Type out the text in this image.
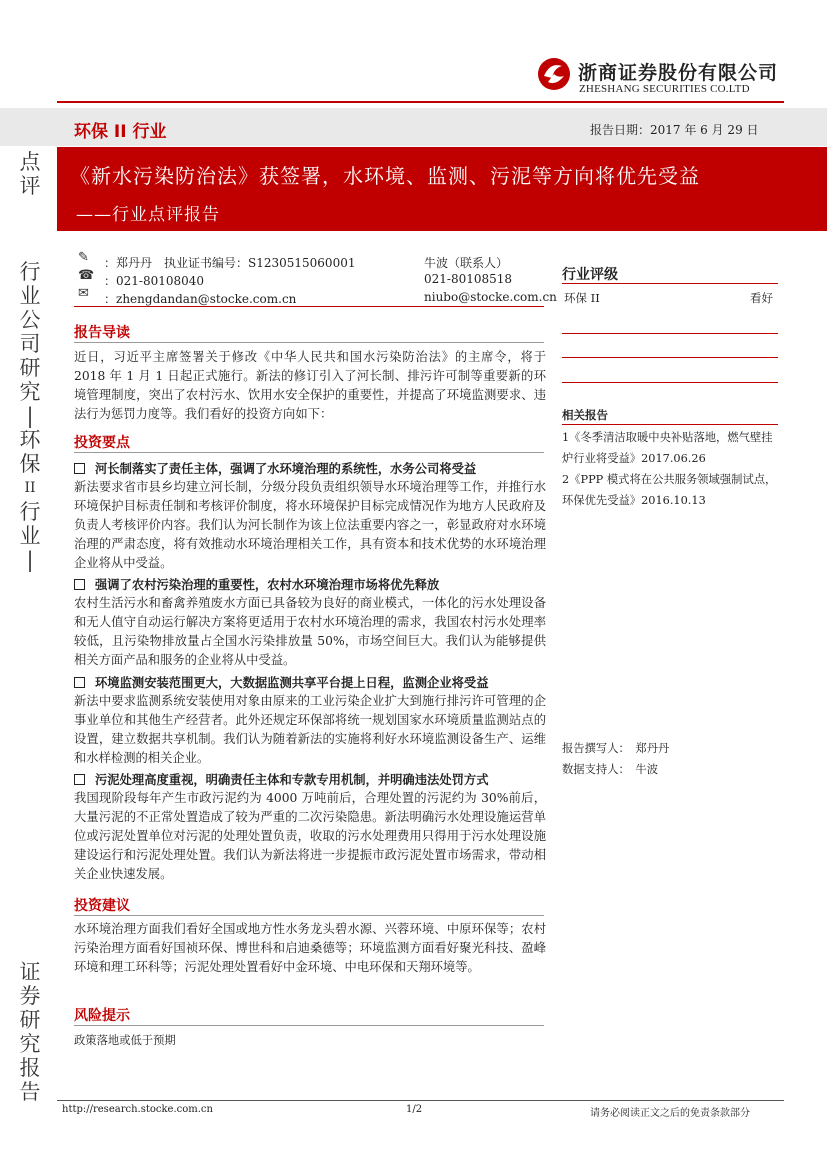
浙商证券股份有限公司
ZHESHANG SECURITIES CO.LTD
环保 II 行业	报告日期：2017 年 6 月 29 日
《新水污染防治法》获签署，水环境、监测、污泥等方向将优先受益
——行业点评报告
点
评
行
业
公
司
研
究
|
环
保
II
行
业
|
证
券
研
究
报
告
✎
☎
✉
：郑丹丹　执业证书编号：S1230515060001	牛波（联系人）
：021-80108040	021-80108518
：zhengdandan@stocke.com.cn	niubo@stocke.com.cn
报告导读
近日，习近平主席签署关于修改《中华人民共和国水污染防治法》的主席令，将于 2018 年 1 月 1 日起正式施行。新法的修订引入了河长制、排污许可制等重要新的环境管理制度，突出了农村污水、饮用水安全保护的重要性，并提高了环境监测要求、违法行为惩罚力度等。我们看好的投资方向如下：
投资要点
河长制落实了责任主体，强调了水环境治理的系统性，水务公司将受益
新法要求省市县乡均建立河长制，分级分段负责组织领导水环境治理等工作，并推行水环境保护目标责任制和考核评价制度，将水环境保护目标完成情况作为地方人民政府及负责人考核评价内容。我们认为河长制作为该上位法重要内容之一，彰显政府对水环境治理的严肃态度，将有效推动水环境治理相关工作，具有资本和技术优势的水环境治理企业将从中受益。
强调了农村污染治理的重要性，农村水环境治理市场将优先释放
农村生活污水和畜禽养殖废水方面已具备较为良好的商业模式，一体化的污水处理设备和无人值守自动运行解决方案将更适用于农村水环境治理的需求，我国农村污水处理率较低，且污染物排放量占全国水污染排放量 50%，市场空间巨大。我们认为能够提供相关方面产品和服务的企业将从中受益。
环境监测安装范围更大，大数据监测共享平台提上日程，监测企业将受益
新法中要求监测系统安装使用对象由原来的工业污染企业扩大到施行排污许可管理的企事业单位和其他生产经营者。此外还规定环保部将统一规划国家水环境质量监测站点的设置，建立数据共享机制。我们认为随着新法的实施将利好水环境监测设备生产、运维和水样检测的相关企业。
污泥处理高度重视，明确责任主体和专款专用机制，并明确违法处罚方式
我国现阶段每年产生市政污泥约为 4000 万吨前后，合理处置的污泥约为 30%前后，大量污泥的不正常处置造成了较为严重的二次污染隐患。新法明确污水处理设施运营单位或污泥处置单位对污泥的处理处置负责，收取的污水处理费用只得用于污水处理设施建设运行和污泥处理处置。我们认为新法将进一步提振市政污泥处置市场需求，带动相关企业快速发展。
投资建议
水环境治理方面我们看好全国或地方性水务龙头碧水源、兴蓉环境、中原环保等；农村污染治理方面看好国祯环保、博世科和启迪桑德等；环境监测方面看好聚光科技、盈峰环境和理工环科等；污泥处理处置看好中金环境、中电环保和天翔环境等。
风险提示
政策落地或低于预期
行业评级
环保 II	看好
相关报告
1《冬季清洁取暖中央补贴落地，燃气壁挂炉行业将受益》2017.06.26
2《PPP 模式将在公共服务领域强制试点，环保优先受益》2016.10.13
报告撰写人：　郑丹丹
数据支持人：　牛波
http://research.stocke.com.cn	1/2	请务必阅读正文之后的免责条款部分
